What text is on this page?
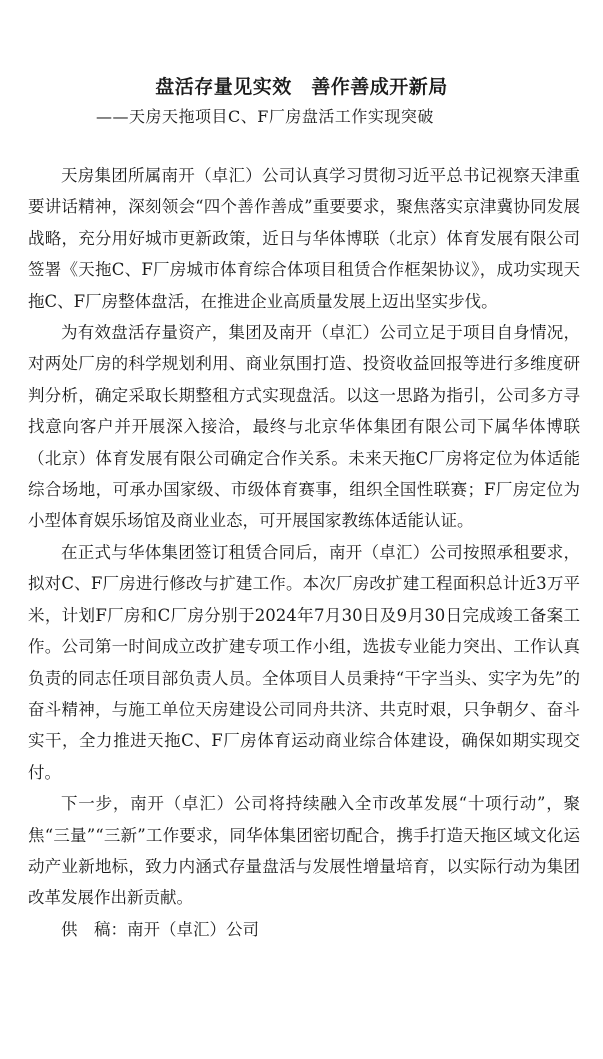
盘活存量见实效　善作善成开新局
——天房天拖项目C、F厂房盘活工作实现突破

天房集团所属南开（卓汇）公司认真学习贯彻习近平总书记视察天津重要讲话精神，深刻领会“四个善作善成”重要要求，聚焦落实京津冀协同发展战略，充分用好城市更新政策，近日与华体博联（北京）体育发展有限公司签署《天拖C、F厂房城市体育综合体项目租赁合作框架协议》，成功实现天拖C、F厂房整体盘活，在推进企业高质量发展上迈出坚实步伐。

为有效盘活存量资产，集团及南开（卓汇）公司立足于项目自身情况，对两处厂房的科学规划利用、商业氛围打造、投资收益回报等进行多维度研判分析，确定采取长期整租方式实现盘活。以这一思路为指引，公司多方寻找意向客户并开展深入接洽，最终与北京华体集团有限公司下属华体博联（北京）体育发展有限公司确定合作关系。未来天拖C厂房将定位为体适能综合场地，可承办国家级、市级体育赛事，组织全国性联赛；F厂房定位为小型体育娱乐场馆及商业业态，可开展国家教练体适能认证。

在正式与华体集团签订租赁合同后，南开（卓汇）公司按照承租要求，拟对C、F厂房进行修改与扩建工作。本次厂房改扩建工程面积总计近3万平米，计划F厂房和C厂房分别于2024年7月30日及9月30日完成竣工备案工作。公司第一时间成立改扩建专项工作小组，选拔专业能力突出、工作认真负责的同志任项目部负责人员。全体项目人员秉持“干字当头、实字为先”的奋斗精神，与施工单位天房建设公司同舟共济、共克时艰，只争朝夕、奋斗实干，全力推进天拖C、F厂房体育运动商业综合体建设，确保如期实现交付。

下一步，南开（卓汇）公司将持续融入全市改革发展“十项行动”，聚焦“三量”“三新”工作要求，同华体集团密切配合，携手打造天拖区域文化运动产业新地标，致力内涵式存量盘活与发展性增量培育，以实际行动为集团改革发展作出新贡献。

供　稿：南开（卓汇）公司
